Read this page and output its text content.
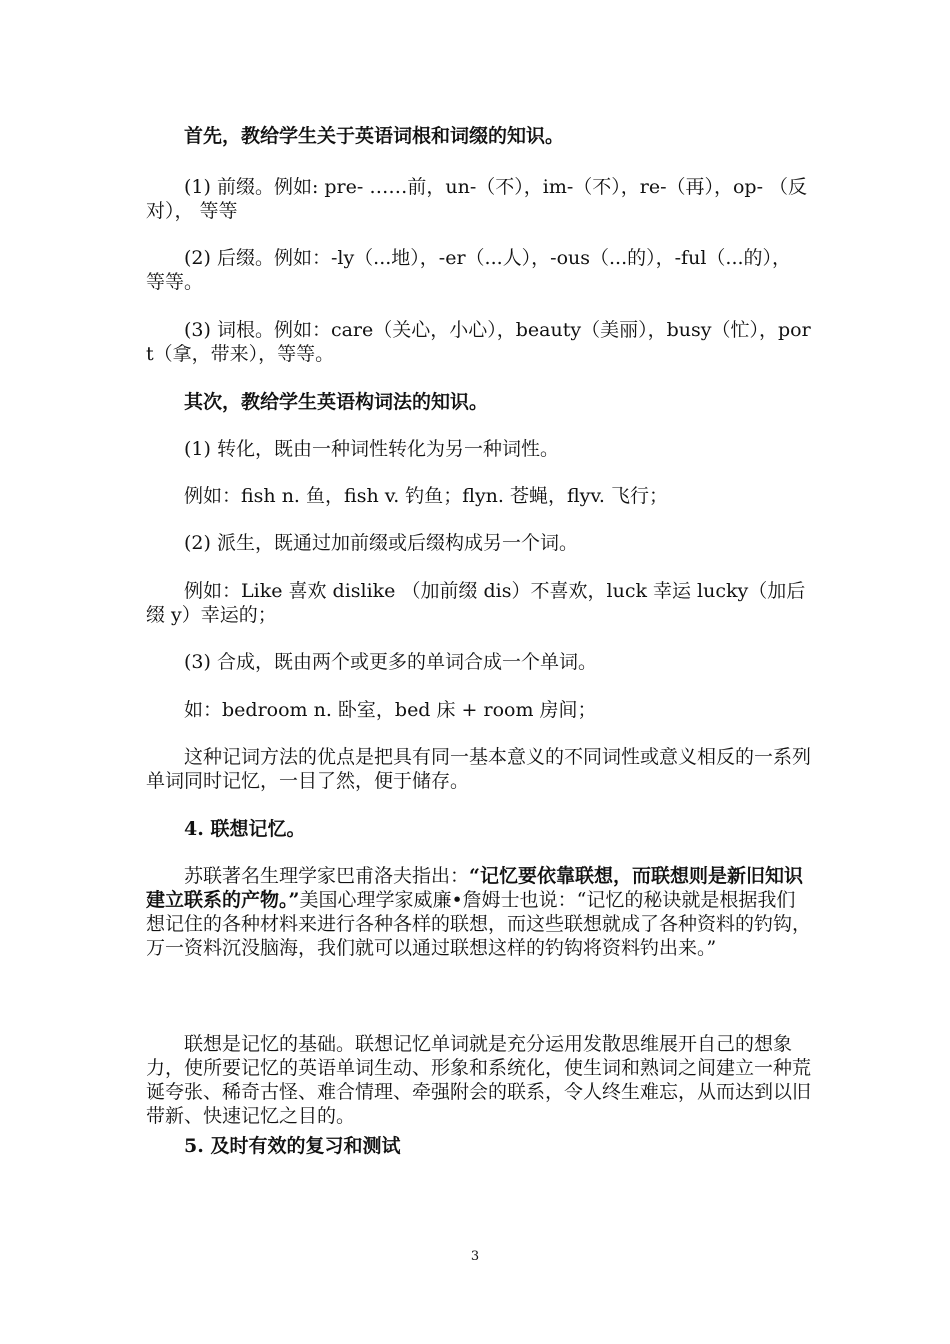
首先，教给学生关于英语词根和词缀的知识。

(1) 前缀。例如: pre- ……前，un-（不），im-（不），re-（再），op- （反对）， 等等

(2) 后缀。例如：-ly（...地），-er（...人），-ous（...的），-ful（...的）， 等等。

(3) 词根。例如：care（关心，小心），beauty（美丽），busy（忙），port（拿，带来），等等。

其次，教给学生英语构词法的知识。

(1) 转化，既由一种词性转化为另一种词性。

例如：fish n. 鱼，fish v. 钓鱼；flyn. 苍蝇，flyv. 飞行；

(2) 派生，既通过加前缀或后缀构成另一个词。

例如：Like 喜欢 dislike （加前缀 dis）不喜欢，luck 幸运 lucky（加后缀 y）幸运的；

(3) 合成，既由两个或更多的单词合成一个单词。

如：bedroom n. 卧室，bed 床 + room 房间；

这种记词方法的优点是把具有同一基本意义的不同词性或意义相反的一系列单词同时记忆，一目了然，便于储存。

4. 联想记忆。

苏联著名生理学家巴甫洛夫指出：“记忆要依靠联想，而联想则是新旧知识建立联系的产物。”美国心理学家威廉•詹姆士也说：“记忆的秘诀就是根据我们想记住的各种材料来进行各种各样的联想，而这些联想就成了各种资料的钓钩，万一资料沉没脑海，我们就可以通过联想这样的钓钩将资料钓出来。”

联想是记忆的基础。联想记忆单词就是充分运用发散思维展开自己的想象力，使所要记忆的英语单词生动、形象和系统化，使生词和熟词之间建立一种荒诞夸张、稀奇古怪、难合情理、牵强附会的联系，令人终生难忘，从而达到以旧带新、快速记忆之目的。

5. 及时有效的复习和测试

3
